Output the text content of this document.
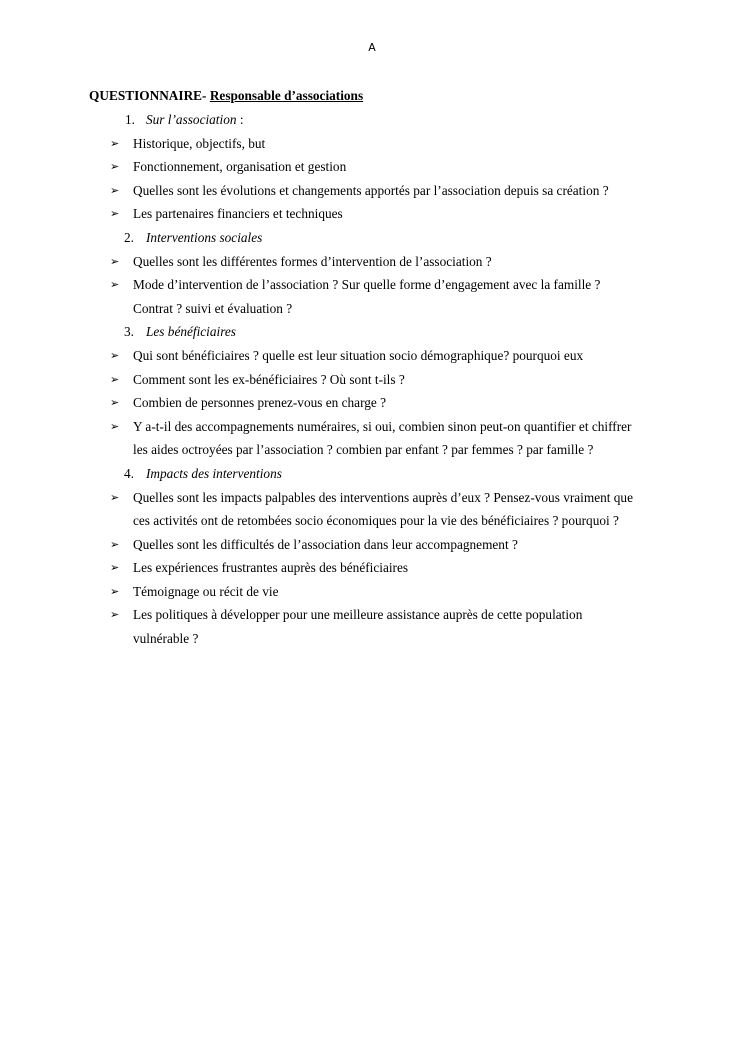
A
QUESTIONNAIRE- Responsable d’associations
1. Sur l’association :
➢ Historique, objectifs, but
➢ Fonctionnement, organisation et gestion
➢ Quelles sont les évolutions et changements apportés par l’association depuis sa création ?
➢ Les partenaires financiers et techniques
2. Interventions sociales
➢ Quelles sont les différentes formes d’intervention de l’association ?
➢ Mode d’intervention de l’association ? Sur quelle forme d’engagement avec la famille ?
Contrat ? suivi et évaluation ?
3. Les bénéficiaires
➢ Qui sont bénéficiaires ? quelle est leur situation socio démographique? pourquoi eux
➢ Comment sont les ex-bénéficiaires ? Où sont t-ils ?
➢ Combien de personnes prenez-vous en charge ?
➢ Y a-t-il des accompagnements numéraires, si oui, combien sinon peut-on quantifier et chiffrer
les aides octroyées par l’association ? combien par enfant ? par femmes ? par famille ?
4. Impacts des interventions
➢ Quelles sont les impacts palpables des interventions auprès d’eux ? Pensez-vous vraiment que
ces activités ont de retombées socio économiques pour la vie des bénéficiaires ? pourquoi ?
➢ Quelles sont les difficultés de l’association dans leur accompagnement ?
➢ Les expériences frustrantes auprès des bénéficiaires
➢ Témoignage ou récit de vie
➢ Les politiques à développer pour une meilleure assistance auprès de cette population
vulnérable ?
